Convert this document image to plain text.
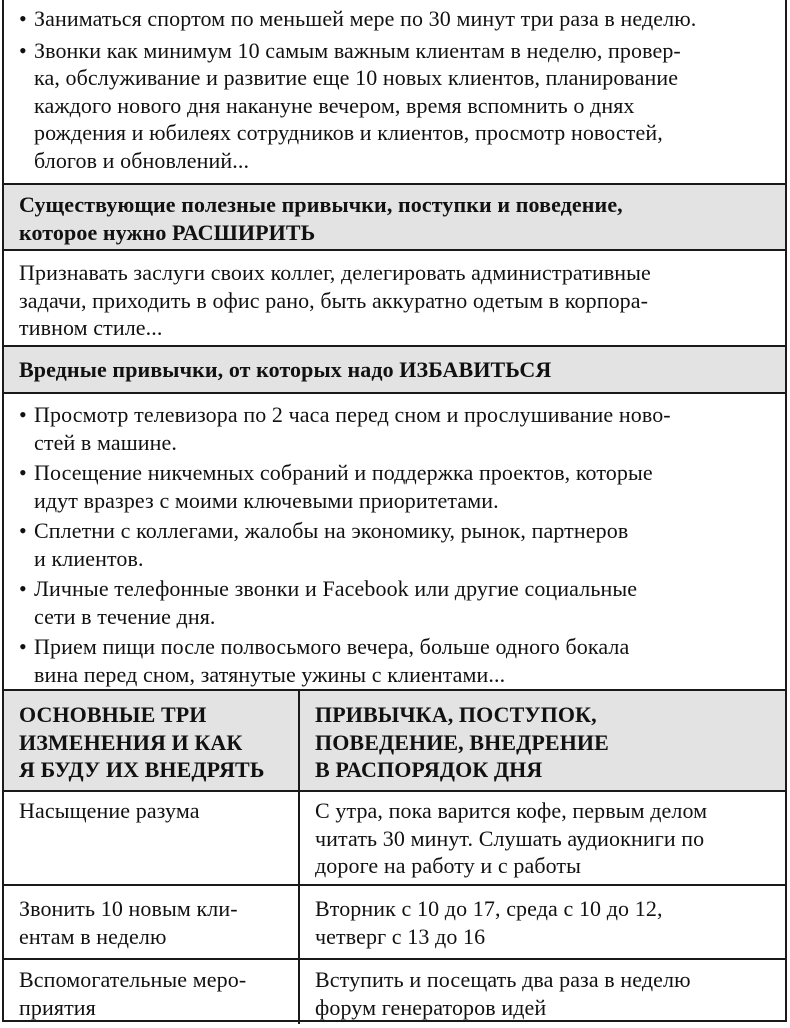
• Заниматься спортом по меньшей мере по 30 минут три раза в неделю.
• Звонки как минимум 10 самым важным клиентам в неделю, провер-
ка, обслуживание и развитие еще 10 новых клиентов, планирование
каждого нового дня накануне вечером, время вспомнить о днях
рождения и юбилеях сотрудников и клиентов, просмотр новостей,
блогов и обновлений...
Существующие полезные привычки, поступки и поведение,
которое нужно РАСШИРИТЬ
Признавать заслуги своих коллег, делегировать административные
задачи, приходить в офис рано, быть аккуратно одетым в корпора-
тивном стиле...
Вредные привычки, от которых надо ИЗБАВИТЬСЯ
• Просмотр телевизора по 2 часа перед сном и прослушивание ново-
стей в машине.
• Посещение никчемных собраний и поддержка проектов, которые
идут вразрез с моими ключевыми приоритетами.
• Сплетни с коллегами, жалобы на экономику, рынок, партнеров
и клиентов.
• Личные телефонные звонки и Facebook или другие социальные
сети в течение дня.
• Прием пищи после полвосьмого вечера, больше одного бокала
вина перед сном, затянутые ужины с клиентами...
ОСНОВНЫЕ ТРИ
ИЗМЕНЕНИЯ И КАК
Я БУДУ ИХ ВНЕДРЯТЬ
ПРИВЫЧКА, ПОСТУПОК,
ПОВЕДЕНИЕ, ВНЕДРЕНИЕ
В РАСПОРЯДОК ДНЯ
Насыщение разума	С утра, пока варится кофе, первым делом
читать 30 минут. Слушать аудиокниги по
дороге на работу и с работы
Звонить 10 новым кли-
ентам в неделю
Вторник с 10 до 17, среда с 10 до 12,
четверг с 13 до 16
Вспомогательные меро-
приятия
Вступить и посещать два раза в неделю
форум генераторов идей
